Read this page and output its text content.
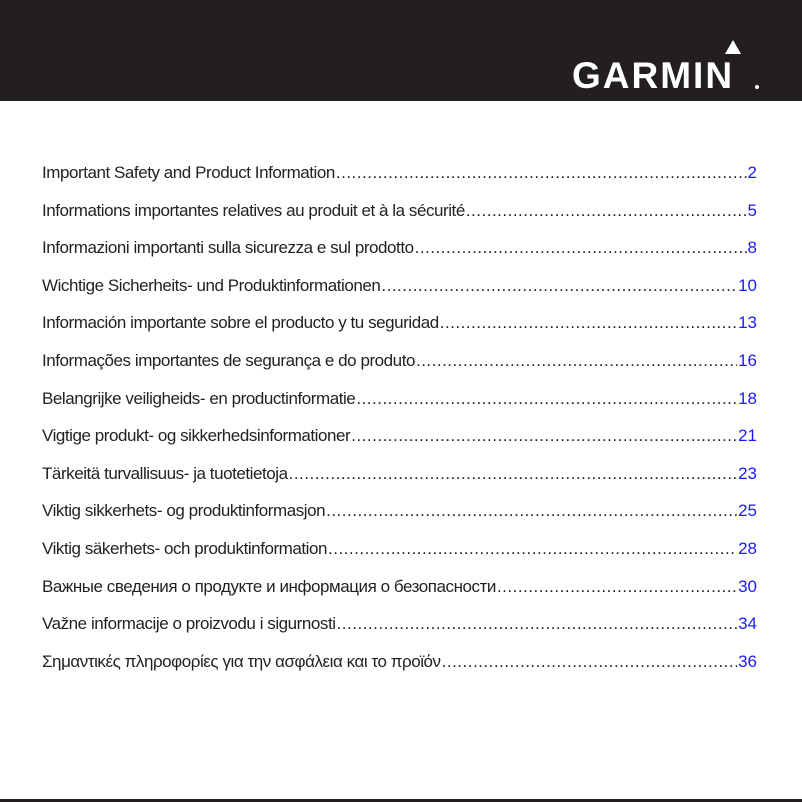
GARMIN
Important Safety and Product Information .....	2
Informations importantes relatives au produit et à la sécurité .....	5
Informazioni importanti sulla sicurezza e sul prodotto .....	8
Wichtige Sicherheits- und Produktinformationen .....	10
Información importante sobre el producto y tu seguridad .....	13
Informações importantes de segurança e do produto .....	16
Belangrijke veiligheids- en productinformatie .....	18
Vigtige produkt- og sikkerhedsinformationer .....	21
Tärkeitä turvallisuus- ja tuotetietoja .....	23
Viktig sikkerhets- og produktinformasjon .....	25
Viktig säkerhets- och produktinformation .....	28
Важные сведения о продукте и информация о безопасности .....	30
Važne informacije o proizvodu i sigurnosti .....	34
Σημαντικές πληροφορίες για την ασφάλεια και το προϊόν .....	36
